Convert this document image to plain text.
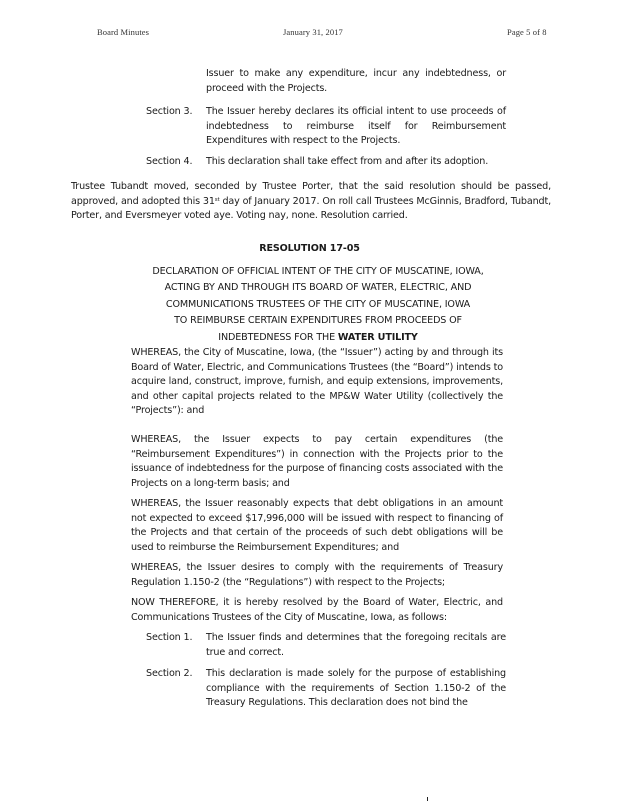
Board Minutes	January 31, 2017	Page 5 of 8
Issuer to make any expenditure, incur any indebtedness, or proceed with the Projects.
Section 3. The Issuer hereby declares its official intent to use proceeds of indebtedness to reimburse itself for Reimbursement Expenditures with respect to the Projects.
Section 4. This declaration shall take effect from and after its adoption.
Trustee Tubandt moved, seconded by Trustee Porter, that the said resolution should be passed, approved, and adopted this 31st day of January 2017. On roll call Trustees McGinnis, Bradford, Tubandt, Porter, and Eversmeyer voted aye. Voting nay, none. Resolution carried.
RESOLUTION 17-05
DECLARATION OF OFFICIAL INTENT OF THE CITY OF MUSCATINE, IOWA,
ACTING BY AND THROUGH ITS BOARD OF WATER, ELECTRIC, AND
COMMUNICATIONS TRUSTEES OF THE CITY OF MUSCATINE, IOWA
TO REIMBURSE CERTAIN EXPENDITURES FROM PROCEEDS OF
INDEBTEDNESS FOR THE WATER UTILITY
WHEREAS, the City of Muscatine, Iowa, (the “Issuer”) acting by and through its Board of Water, Electric, and Communications Trustees (the “Board”) intends to acquire land, construct, improve, furnish, and equip extensions, improvements, and other capital projects related to the MP&W Water Utility (collectively the “Projects”): and
WHEREAS, the Issuer expects to pay certain expenditures (the “Reimbursement Expenditures”) in connection with the Projects prior to the issuance of indebtedness for the purpose of financing costs associated with the Projects on a long-term basis; and
WHEREAS, the Issuer reasonably expects that debt obligations in an amount not expected to exceed $17,996,000 will be issued with respect to financing of the Projects and that certain of the proceeds of such debt obligations will be used to reimburse the Reimbursement Expenditures; and
WHEREAS, the Issuer desires to comply with the requirements of Treasury Regulation 1.150-2 (the “Regulations”) with respect to the Projects;
NOW THEREFORE, it is hereby resolved by the Board of Water, Electric, and Communications Trustees of the City of Muscatine, Iowa, as follows:
Section 1. The Issuer finds and determines that the foregoing recitals are true and correct.
Section 2. This declaration is made solely for the purpose of establishing compliance with the requirements of Section 1.150-2 of the Treasury Regulations. This declaration does not bind the
